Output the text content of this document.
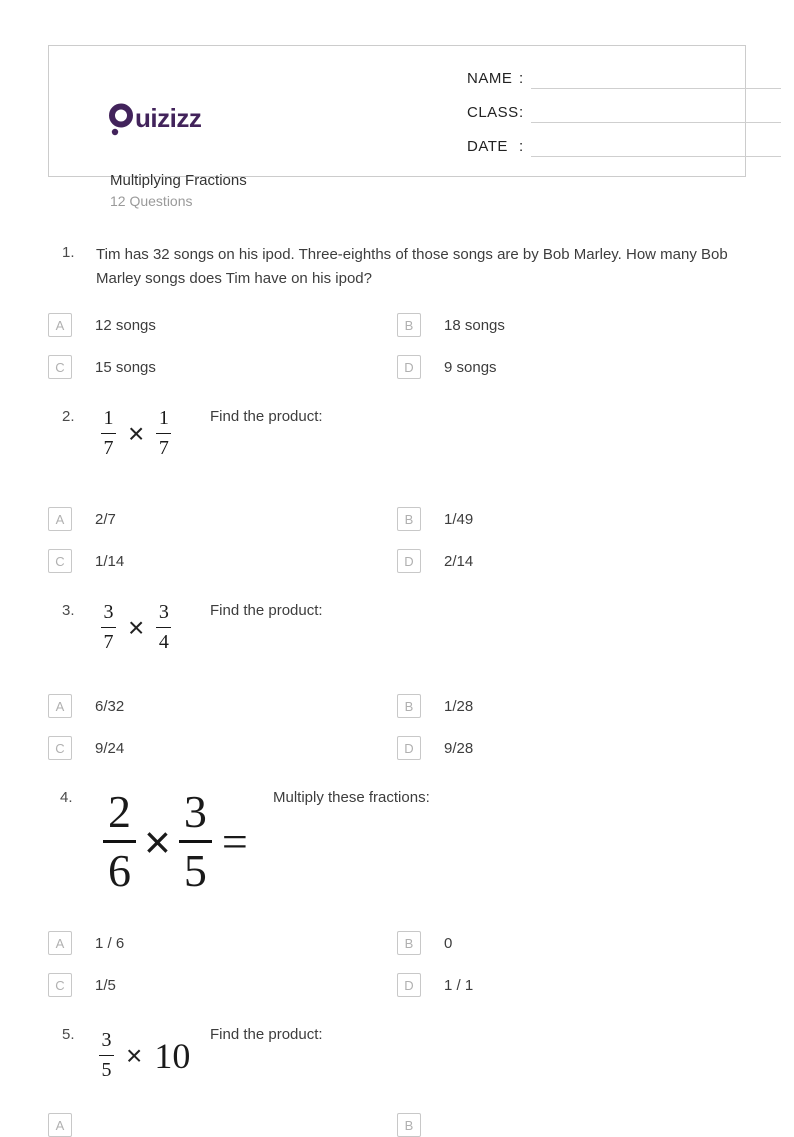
uizizz
Multiplying Fractions
12 Questions
NAME :
CLASS :
DATE :
1. Tim has 32 songs on his ipod. Three-eighths of those songs are by Bob Marley. How many Bob Marley songs does Tim have on his ipod?
A 12 songs	B 18 songs
C 15 songs	D 9 songs
2. $\frac{1}{7} \times \frac{1}{7}$	Find the product:
A 2/7	B 1/49
C 1/14	D 2/14
3. $\frac{3}{7} \times \frac{3}{4}$	Find the product:
A 6/32	B 1/28
C 9/24	D 9/28
4. $\frac{2}{6} \times \frac{3}{5}$ =
Multiply these fractions:
A 1 / 6	B 0
C 1/5	D 1 / 1
5. $\frac{3}{5} \times 10$
Find the product:
A	B
